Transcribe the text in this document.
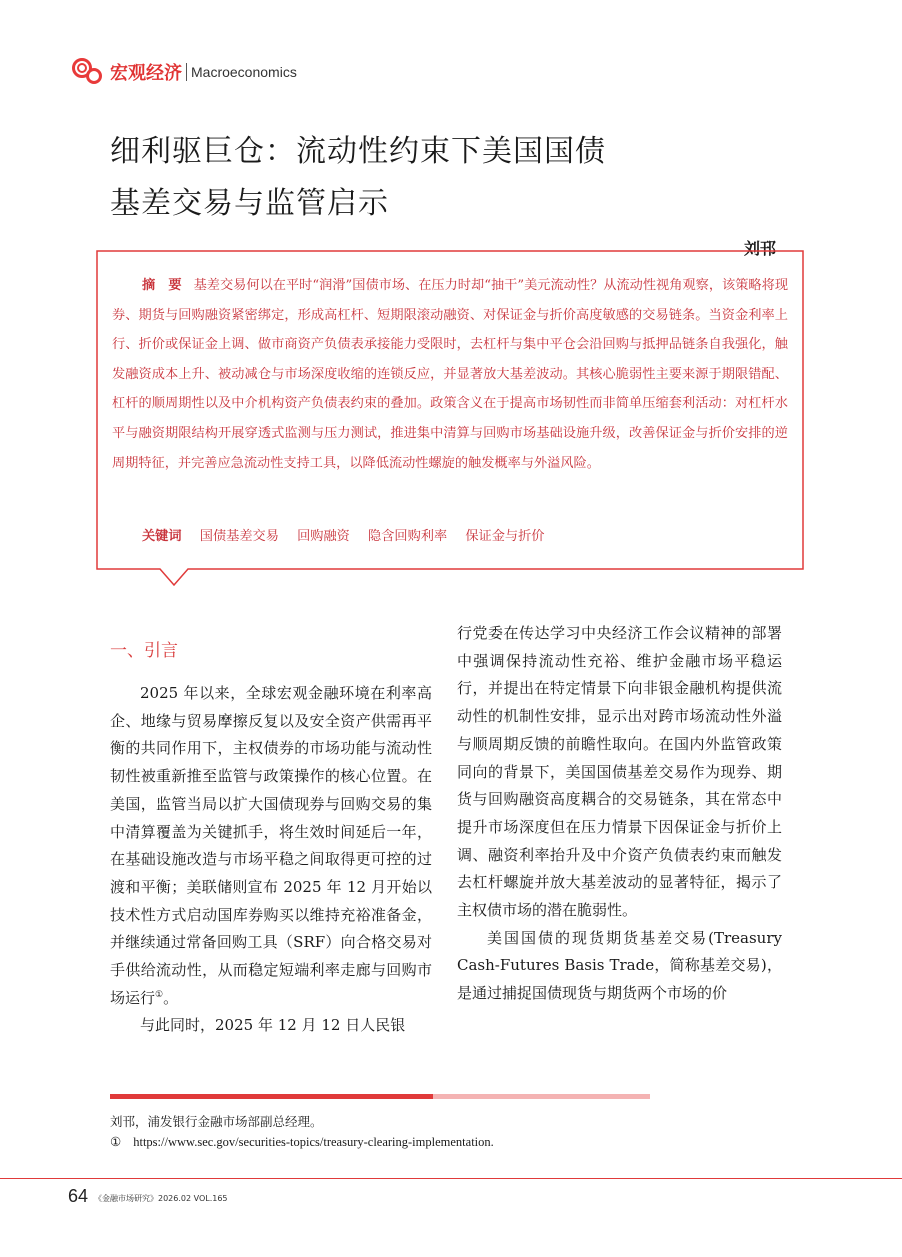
宏观经济 Macroeconomics
细利驱巨仓：流动性约束下美国国债
基差交易与监管启示
刘邗
摘　要 基差交易何以在平时“润滑”国债市场、在压力时却“抽干”美元流动性？从流动性视角观察，该策略将现券、期货与回购融资紧密绑定，形成高杠杆、短期限滚动融资、对保证金与折价高度敏感的交易链条。当资金利率上行、折价或保证金上调、做市商资产负债表承接能力受限时，去杠杆与集中平仓会沿回购与抵押品链条自我强化，触发融资成本上升、被动减仓与市场深度收缩的连锁反应，并显著放大基差波动。其核心脆弱性主要来源于期限错配、杠杆的顺周期性以及中介机构资产负债表约束的叠加。政策含义在于提高市场韧性而非简单压缩套利活动：对杠杆水平与融资期限结构开展穿透式监测与压力测试，推进集中清算与回购市场基础设施升级，改善保证金与折价安排的逆周期特征，并完善应急流动性支持工具，以降低流动性螺旋的触发概率与外溢风险。
关键词 国债基差交易 回购融资 隐含回购利率 保证金与折价
一、引言

2025 年以来，全球宏观金融环境在利率高企、地缘与贸易摩擦反复以及安全资产供需再平衡的共同作用下，主权债券的市场功能与流动性韧性被重新推至监管与政策操作的核心位置。在美国，监管当局以扩大国债现券与回购交易的集中清算覆盖为关键抓手，将生效时间延后一年，在基础设施改造与市场平稳之间取得更可控的过渡和平衡；美联储则宣布 2025 年 12 月开始以技术性方式启动国库券购买以维持充裕准备金，并继续通过常备回购工具（SRF）向合格交易对手供给流动性，从而稳定短端利率走廊与回购市场运行①。

与此同时，2025 年 12 月 12 日人民银

行党委在传达学习中央经济工作会议精神的部署中强调保持流动性充裕、维护金融市场平稳运行，并提出在特定情景下向非银金融机构提供流动性的机制性安排，显示出对跨市场流动性外溢与顺周期反馈的前瞻性取向。在国内外监管政策同向的背景下，美国国债基差交易作为现券、期货与回购融资高度耦合的交易链条，其在常态中提升市场深度但在压力情景下因保证金与折价上调、融资利率抬升及中介资产负债表约束而触发去杠杆螺旋并放大基差波动的显著特征，揭示了主权债市场的潜在脆弱性。

美国国债的现货期货基差交易(Treasury Cash-Futures Basis Trade，简称基差交易)，是通过捕捉国债现货与期货两个市场的价

刘邗，浦发银行金融市场部副总经理。
① https://www.sec.gov/securities-topics/treasury-clearing-implementation.
64 《金融市场研究》2026.02 VOL.165
